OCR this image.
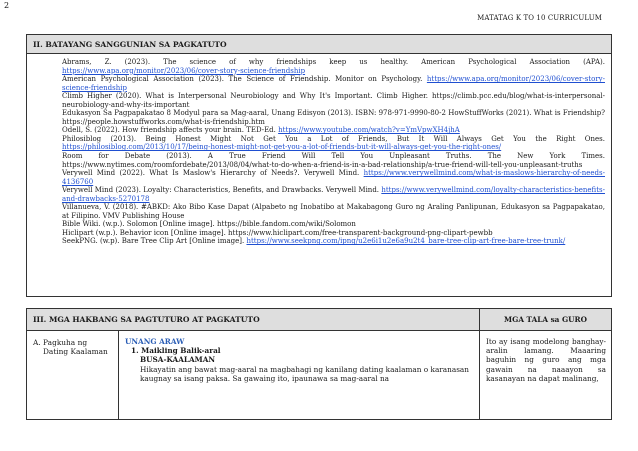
2
MATATAG K TO 10 CURRICULUM
II. BATAYANG SANGGUNIAN SA PAGKATUTO
Abrams, Z. (2023). The science of why friendships keep us healthy. American Psychological Association (APA). https://www.apa.org/monitor/2023/06/cover-story-science-friendship
American Psychological Association (2023). The Science of Friendship. Monitor on Psychology. https://www.apa.org/monitor/2023/06/cover-story-science-friendship
Climb Higher (2020). What is Interpersonal Neurobiology and Why It's Important. Climb Higher. https://climb.pcc.edu/blog/what-is-interpersonal-neurobiology-and-why-its-important
Edukasyon Sa Pagpapakatao 8 Modyul para sa Mag-aaral, Unang Edisyon (2013). ISBN: 978-971-9990-80-2 HowStuffWorks (2021). What is Friendship? https://people.howstuffworks.com/what-is-friendship.htm
Odell, S. (2022). How friendship affects your brain. TED-Ed. https://www.youtube.com/watch?v=YmVpwXH4jhA
Philosiblog (2013). Being Honest Might Not Get You a Lot of Friends, But It Will Always Get You the Right Ones. https://philosiblog.com/2013/10/17/being-honest-might-not-get-you-a-lot-of-friends-but-it-will-always-get-you-the-right-ones/
Room for Debate (2013). A True Friend Will Tell You Unpleasant Truths. The New York Times. https://www.nytimes.com/roomfordebate/2013/08/04/what-to-do-when-a-friend-is-in-a-bad-relationship/a-true-friend-will-tell-you-unpleasant-truths
Verywell Mind (2022). What Is Maslow's Hierarchy of Needs?. Verywell Mind. https://www.verywellmind.com/what-is-maslows-hierarchy-of-needs-4136760
Verywell Mind (2023). Loyalty: Characteristics, Benefits, and Drawbacks. Verywell Mind. https://www.verywellmind.com/loyalty-characteristics-benefits-and-drawbacks-5270178
Villanueva, V. (2018). #ABKD: Ako Bibo Kase Dapat (Alpabeto ng Inobatibo at Makabagong Guro ng Araling Panlipunan, Edukasyon sa Pagpapakatao, at Filipino. VMV Publishing House
Bible Wiki. (w.p.). Solomon [Online image]. https://bible.fandom.com/wiki/Solomon
Hiclipart (w.p.). Behavior icon [Online image]. https://www.hiclipart.com/free-transparent-background-png-clipart-pewbb
SeekPNG. (w.p). Bare Tree Clip Art [Online image]. https://www.seekpng.com/ipng/u2e6i1u2e6a9u2t4_bare-tree-clip-art-free-bare-tree-trunk/
III. MGA HAKBANG SA PAGTUTURO AT PAGKATUTO	MGA TALA sa GURO
A. Pagkuha ng
Dating Kaalaman
UNANG ARAW
1. Maikling Balik-aral
BUSA-KAALAMAN
Hikayatin ang bawat mag-aaral na magbahagi ng kanilang dating kaalaman o karanasan kaugnay sa isang paksa. Sa gawaing ito, ipaunawa sa mag-aaral na
Ito ay isang modelong banghay-aralin lamang. Maaaring baguhin ng guro ang mga gawain na naaayon sa kasanayan na dapat malinang,
